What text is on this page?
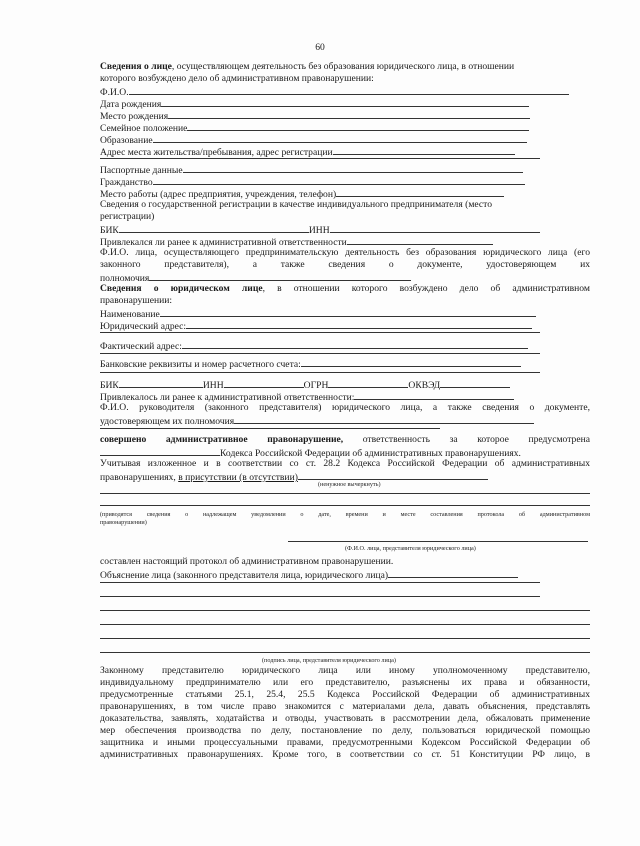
60
Сведения о лице, осуществляющем деятельность без образования юридического лица, в отношении
которого возбуждено дело об административном правонарушении:
Ф.И.О.
Дата рождения
Место рождения
Семейное положение
Образование
Адрес места жительства/пребывания, адрес регистрации
Паспортные данные
Гражданство
Место работы (адрес предприятия, учреждения, телефон)
Сведения о государственной регистрации в качестве индивидуального предпринимателя (место
регистрации)
БИК	ИНН
Привлекался ли ранее к административной ответственности
Ф.И.О. лица, осуществляющего предпринимательскую деятельность без образования юридического лица (его
законного представителя), а также сведения о документе, удостоверяющем их
полномочия
Сведения о юридическом лице, в отношении которого возбуждено дело об административном
правонарушении:
Наименование
Юридический адрес:
Фактический адрес:
Банковские реквизиты и номер расчетного счета:
БИК	ИНН	ОГРН	ОКВЭД
Привлекалось ли ранее к административной ответственности:
Ф.И.О. руководителя (законного представителя) юридического лица, а также сведения о документе,
удостоверяющем их полномочия
совершено административное правонарушение, ответственность за которое предусмотрена
Кодекса Российской Федерации об административных правонарушениях.
Учитывая изложенное и в соответствии со ст. 28.2 Кодекса Российской Федерации об административных
правонарушениях, в присутствии (в отсутствии)
(ненужное вычеркнуть)
(приводятся сведения о надлежащем уведомлении о дате, времени и месте составления протокола об административном
правонарушении)
(Ф.И.О. лица, представителя юридического лица)
составлен настоящий протокол об административном правонарушении.
Объяснение лица (законного представителя лица, юридического лица)
(подпись лица, представителя юридического лица)
Законному представителю юридического лица или иному уполномоченному представителю,
индивидуальному предпринимателю или его представителю, разъяснены их права и обязанности,
предусмотренные статьями 25.1, 25.4, 25.5 Кодекса Российской Федерации об административных
правонарушениях, в том числе право знакомится с материалами дела, давать объяснения, представлять
доказательства, заявлять, ходатайства и отводы, участвовать в рассмотрении дела, обжаловать применение
мер обеспечения производства по делу, постановление по делу, пользоваться юридической помощью
защитника и иными процессуальными правами, предусмотренными Кодексом Российской Федерации об
административных правонарушениях. Кроме того, в соответствии со ст. 51 Конституции РФ лицо, в
